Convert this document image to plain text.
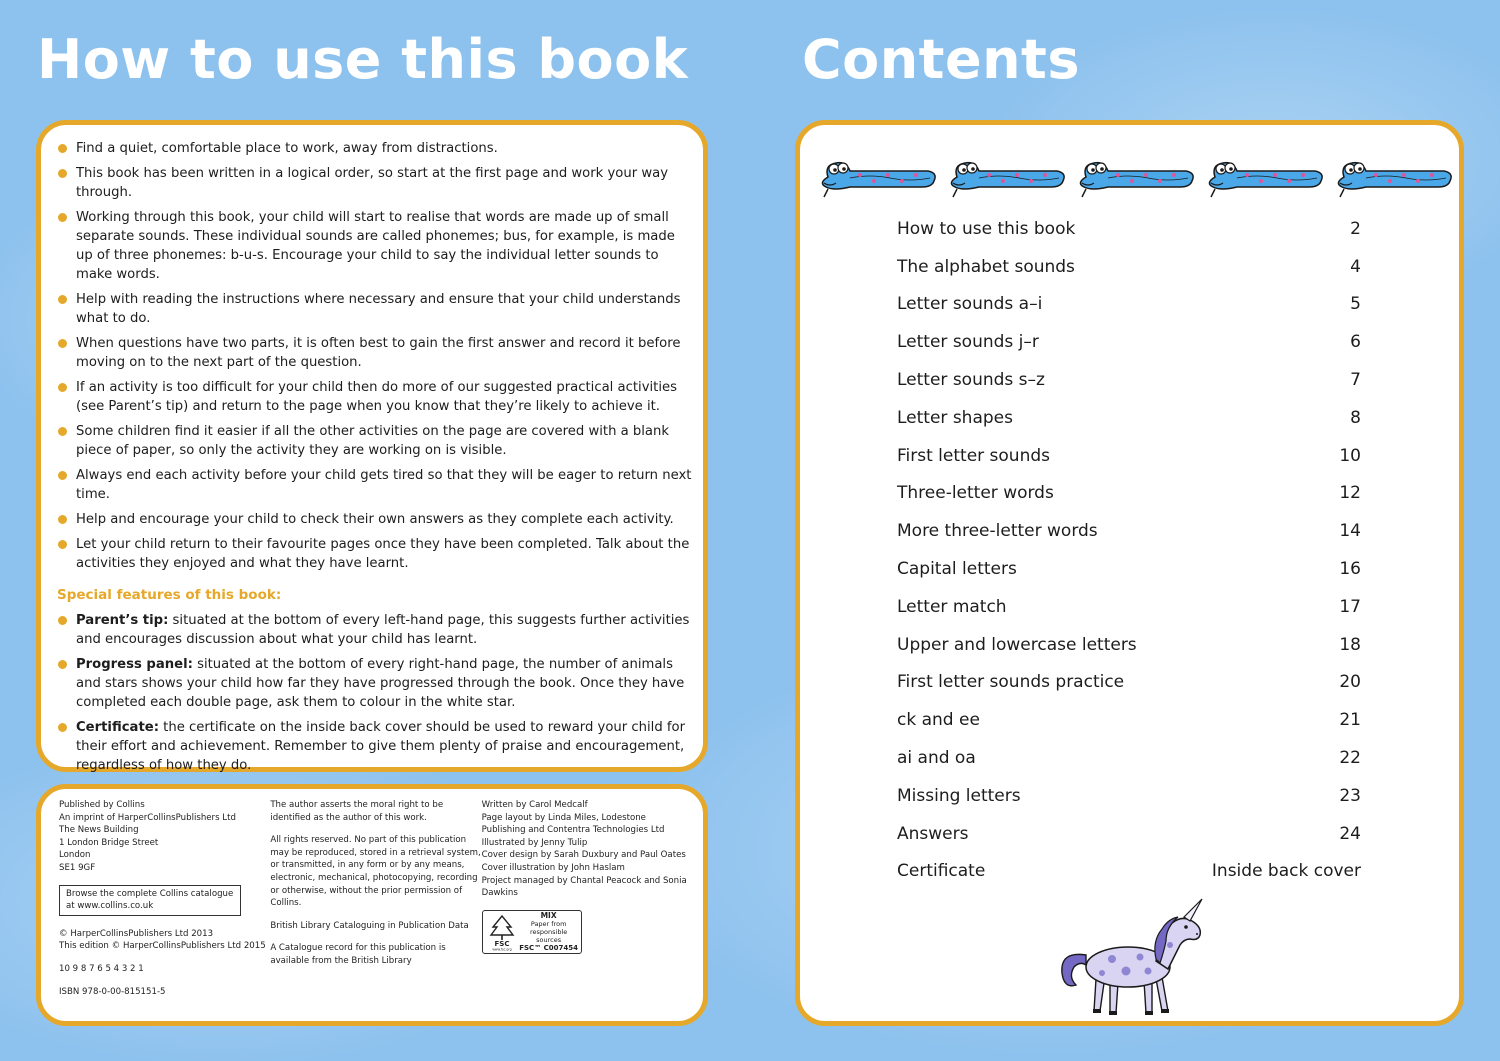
How to use this book Contents
Find a quiet, comfortable place to work, away from distractions.
This book has been written in a logical order, so start at the first page and work your way through.
Working through this book, your child will start to realise that words are made up of small separate sounds. These individual sounds are called phonemes; bus, for example, is made up of three phonemes: b-u-s. Encourage your child to say the individual letter sounds to make words.
Help with reading the instructions where necessary and ensure that your child understands what to do.
When questions have two parts, it is often best to gain the first answer and record it before moving on to the next part of the question.
If an activity is too difficult for your child then do more of our suggested practical activities (see Parent’s tip) and return to the page when you know that they’re likely to achieve it.
Some children find it easier if all the other activities on the page are covered with a blank piece of paper, so only the activity they are working on is visible.
Always end each activity before your child gets tired so that they will be eager to return next time.
Help and encourage your child to check their own answers as they complete each activity.
Let your child return to their favourite pages once they have been completed. Talk about the activities they enjoyed and what they have learnt.
Special features of this book:
Parent’s tip: situated at the bottom of every left-hand page, this suggests further activities and encourages discussion about what your child has learnt.
Progress panel: situated at the bottom of every right-hand page, the number of animals and stars shows your child how far they have progressed through the book. Once they have completed each double page, ask them to colour in the white star.
Certificate: the certificate on the inside back cover should be used to reward your child for their effort and achievement. Remember to give them plenty of praise and encouragement, regardless of how they do.

Published by Collins
An imprint of HarperCollinsPublishers Ltd
The News Building
1 London Bridge Street
London
SE1 9GF

Browse the complete Collins catalogue at www.collins.co.uk

© HarperCollinsPublishers Ltd 2013
This edition © HarperCollinsPublishers Ltd 2015

10 9 8 7 6 5 4 3 2 1

ISBN 978-0-00-815151-5

The author asserts the moral right to be identified as the author of this work.

All rights reserved. No part of this publication may be reproduced, stored in a retrieval system, or transmitted, in any form or by any means, electronic, mechanical, photocopying, recording or otherwise, without the prior permission of Collins.

British Library Cataloguing in Publication Data

A Catalogue record for this publication is available from the British Library

Written by Carol Medcalf
Page layout by Linda Miles, Lodestone Publishing and Contentra Technologies Ltd
Illustrated by Jenny Tulip
Cover design by Sarah Duxbury and Paul Oates
Cover illustration by John Haslam
Project managed by Chantal Peacock and Sonia Dawkins

FSC
www.fsc.org
MIX
Paper from
responsible sources
FSC™ C007454
How to use this book	2
The alphabet sounds	4
Letter sounds a–i	5
Letter sounds j–r	6
Letter sounds s–z	7
Letter shapes	8
First letter sounds	10
Three-letter words	12
More three-letter words	14
Capital letters	16
Letter match	17
Upper and lowercase letters	18
First letter sounds practice	20
ck and ee	21
ai and oa	22
Missing letters	23
Answers	24
Certificate	Inside back cover
